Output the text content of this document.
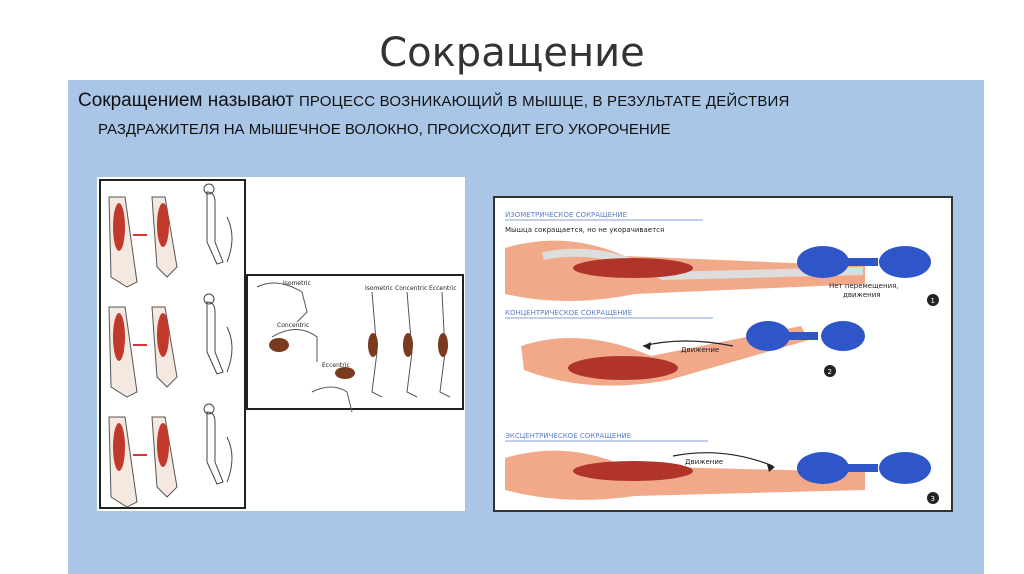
Сокращение
Сокращением называют ПРОЦЕСС ВОЗНИКАЮЩИЙ В МЫШЦЕ, В РЕЗУЛЬТАТЕ ДЕЙСТВИЯ
РАЗДРАЖИТЕЛЯ НА МЫШЕЧНОЕ ВОЛОКНО, ПРОИСХОДИТ ЕГО УКОРОЧЕНИЕ
Isometric
Concentric
Eccentric
Isometric Concentric Eccentric
ИЗОМЕТРИЧЕСКОЕ СОКРАЩЕНИЕ
Мышца сокращается, но не укорачивается
Нет перемещения,
движения
1
КОНЦЕНТРИЧЕСКОЕ СОКРАЩЕНИЕ
Движение
2
ЭКСЦЕНТРИЧЕСКОЕ СОКРАЩЕНИЕ
Движение
3
